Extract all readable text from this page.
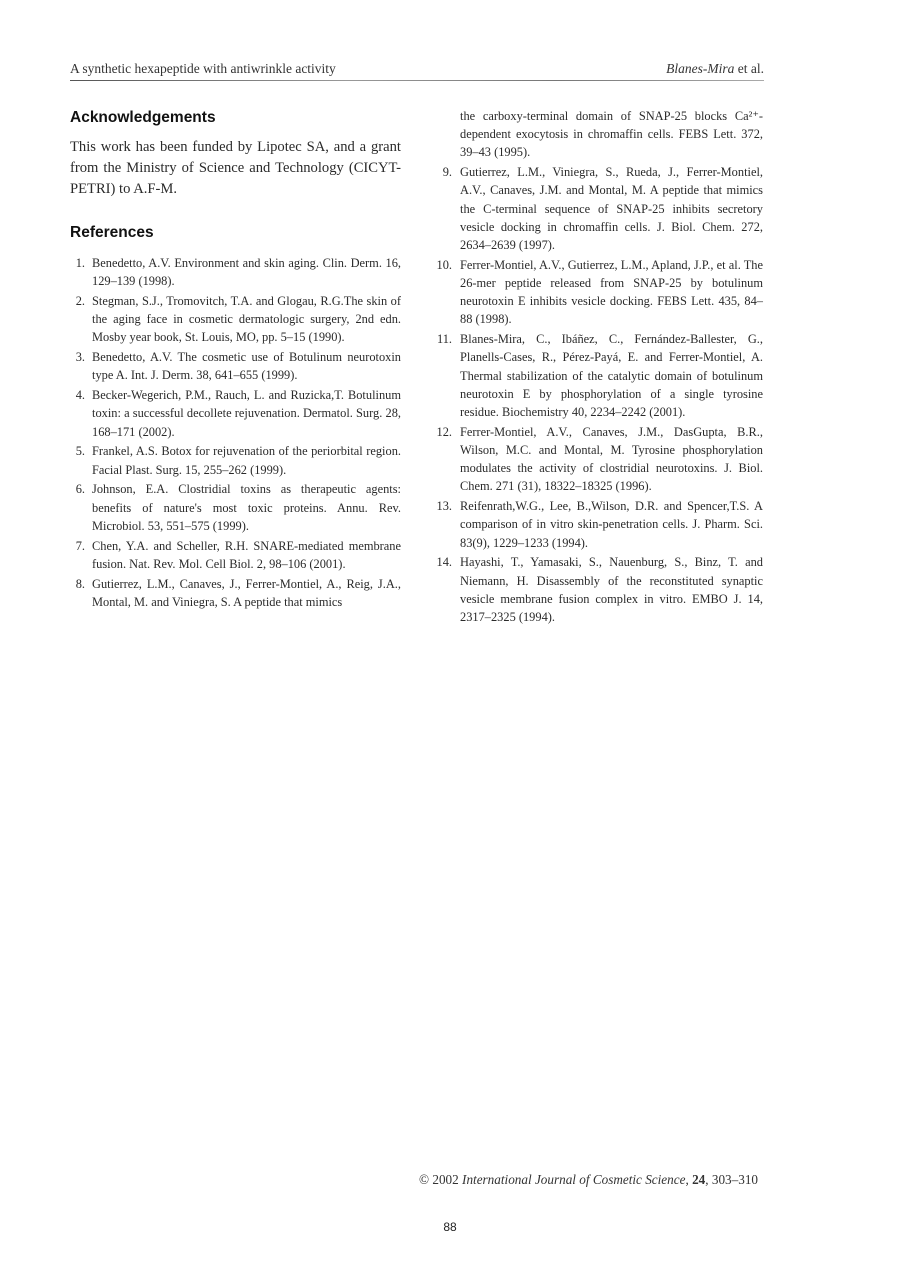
A synthetic hexapeptide with antiwrinkle activity	Blanes-Mira et al.
Acknowledgements

This work has been funded by Lipotec SA, and a grant from the Ministry of Science and Technology (CICYT-PETRI) to A.F-M.

References
1. Benedetto, A.V. Environment and skin aging. Clin. Derm. 16, 129–139 (1998).
2. Stegman, S.J., Tromovitch, T.A. and Glogau, R.G.The skin of the aging face in cosmetic dermatologic surgery, 2nd edn. Mosby year book, St. Louis, MO, pp. 5–15 (1990).
3. Benedetto, A.V. The cosmetic use of Botulinum neurotoxin type A. Int. J. Derm. 38, 641–655 (1999).
4. Becker-Wegerich, P.M., Rauch, L. and Ruzicka,T. Botulinum toxin: a successful decollete rejuvenation. Dermatol. Surg. 28, 168–171 (2002).
5. Frankel, A.S. Botox for rejuvenation of the periorbital region. Facial Plast. Surg. 15, 255–262 (1999).
6. Johnson, E.A. Clostridial toxins as therapeutic agents: benefits of nature's most toxic proteins. Annu. Rev. Microbiol. 53, 551–575 (1999).
7. Chen, Y.A. and Scheller, R.H. SNARE-mediated membrane fusion. Nat. Rev. Mol. Cell Biol. 2, 98–106 (2001).
8. Gutierrez, L.M., Canaves, J., Ferrer-Montiel, A., Reig, J.A., Montal, M. and Viniegra, S. A peptide that mimics

the carboxy-terminal domain of SNAP-25 blocks Ca²⁺-dependent exocytosis in chromaffin cells. FEBS Lett. 372, 39–43 (1995).

9. Gutierrez, L.M., Viniegra, S., Rueda, J., Ferrer-Montiel, A.V., Canaves, J.M. and Montal, M. A peptide that mimics the C-terminal sequence of SNAP-25 inhibits secretory vesicle docking in chromaffin cells. J. Biol. Chem. 272, 2634–2639 (1997).
10. Ferrer-Montiel, A.V., Gutierrez, L.M., Apland, J.P., et al. The 26-mer peptide released from SNAP-25 by botulinum neurotoxin E inhibits vesicle docking. FEBS Lett. 435, 84–88 (1998).
11. Blanes-Mira, C., Ibáñez, C., Fernández-Ballester, G., Planells-Cases, R., Pérez-Payá, E. and Ferrer-Montiel, A. Thermal stabilization of the catalytic domain of botulinum neurotoxin E by phosphorylation of a single tyrosine residue. Biochemistry 40, 2234–2242 (2001).
12. Ferrer-Montiel, A.V., Canaves, J.M., DasGupta, B.R., Wilson, M.C. and Montal, M. Tyrosine phosphorylation modulates the activity of clostridial neurotoxins. J. Biol. Chem. 271 (31), 18322–18325 (1996).
13. Reifenrath,W.G., Lee, B.,Wilson, D.R. and Spencer,T.S. A comparison of in vitro skin-penetration cells. J. Pharm. Sci. 83(9), 1229–1233 (1994).
14. Hayashi, T., Yamasaki, S., Nauenburg, S., Binz, T. and Niemann, H. Disassembly of the reconstituted synaptic vesicle membrane fusion complex in vitro. EMBO J. 14, 2317–2325 (1994).
© 2002 International Journal of Cosmetic Science, 24, 303–310
88
